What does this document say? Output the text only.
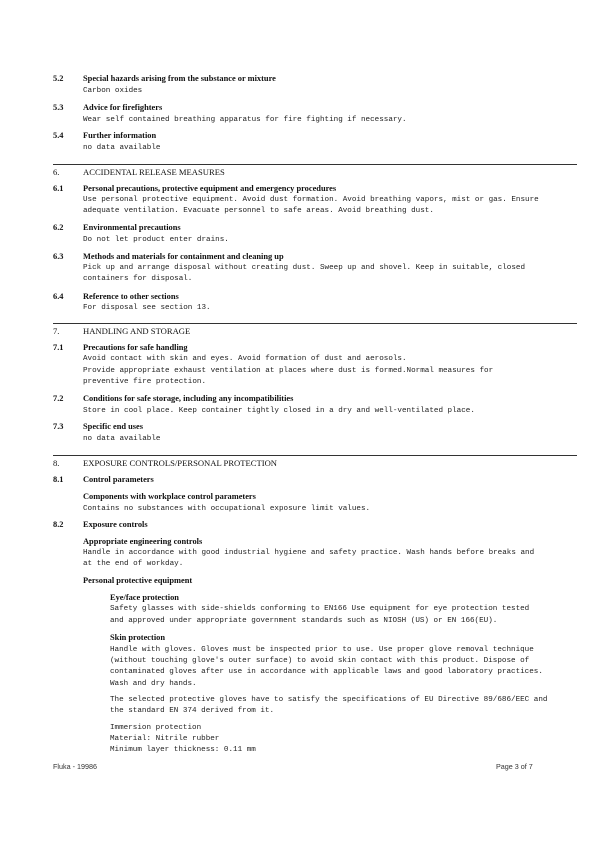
5.2 Special hazards arising from the substance or mixture
Carbon oxides
5.3 Advice for firefighters
Wear self contained breathing apparatus for fire fighting if necessary.
5.4 Further information
no data available
6.	ACCIDENTAL RELEASE MEASURES
6.1 Personal precautions, protective equipment and emergency procedures
Use personal protective equipment. Avoid dust formation. Avoid breathing vapors, mist or gas. Ensure
adequate ventilation. Evacuate personnel to safe areas. Avoid breathing dust.
6.2 Environmental precautions
Do not let product enter drains.
6.3 Methods and materials for containment and cleaning up
Pick up and arrange disposal without creating dust. Sweep up and shovel. Keep in suitable, closed
containers for disposal.
6.4 Reference to other sections
For disposal see section 13.
7.	HANDLING AND STORAGE
7.1 Precautions for safe handling
Avoid contact with skin and eyes. Avoid formation of dust and aerosols.
Provide appropriate exhaust ventilation at places where dust is formed.Normal measures for
preventive fire protection.
7.2 Conditions for safe storage, including any incompatibilities
Store in cool place. Keep container tightly closed in a dry and well-ventilated place.
7.3 Specific end uses
no data available
8.	EXPOSURE CONTROLS/PERSONAL PROTECTION
8.1 Control parameters
Components with workplace control parameters
Contains no substances with occupational exposure limit values.
8.2 Exposure controls
Appropriate engineering controls
Handle in accordance with good industrial hygiene and safety practice. Wash hands before breaks and
at the end of workday.
Personal protective equipment
Eye/face protection
Safety glasses with side-shields conforming to EN166 Use equipment for eye protection tested
and approved under appropriate government standards such as NIOSH (US) or EN 166(EU).
Skin protection
Handle with gloves. Gloves must be inspected prior to use. Use proper glove removal technique
(without touching glove's outer surface) to avoid skin contact with this product. Dispose of
contaminated gloves after use in accordance with applicable laws and good laboratory practices.
Wash and dry hands.
The selected protective gloves have to satisfy the specifications of EU Directive 89/686/EEC and
the standard EN 374 derived from it.
Immersion protection
Material: Nitrile rubber
Minimum layer thickness: 0.11 mm
Fluka - 19986	Page 3 of 7
